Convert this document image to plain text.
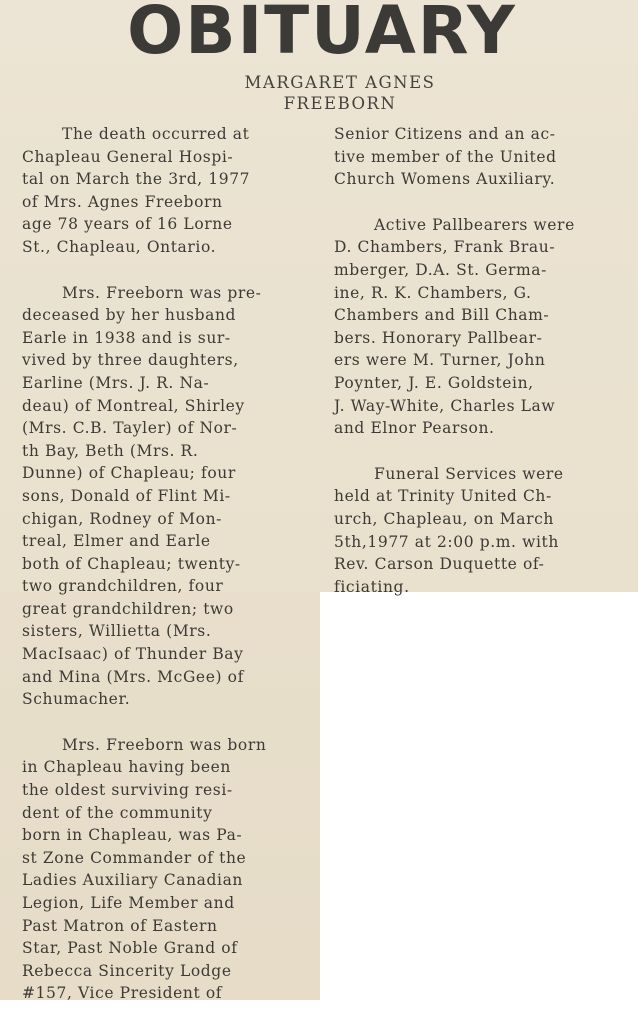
OBITUARY
MARGARET AGNES
FREEBORN

The death occurred at
Chapleau General Hospi-
tal on March the 3rd, 1977
of Mrs. Agnes Freeborn
age 78 years of 16 Lorne
St., Chapleau, Ontario.

Mrs. Freeborn was pre-
deceased by her husband
Earle in 1938 and is sur-
vived by three daughters,
Earline (Mrs. J. R. Na-
deau) of Montreal, Shirley
(Mrs. C.B. Tayler) of Nor-
th Bay, Beth (Mrs. R.
Dunne) of Chapleau; four
sons, Donald of Flint Mi-
chigan, Rodney of Mon-
treal, Elmer and Earle
both of Chapleau; twenty-
two grandchildren, four
great grandchildren; two
sisters, Willietta (Mrs.
MacIsaac) of Thunder Bay
and Mina (Mrs. McGee) of
Schumacher.

Mrs. Freeborn was born
in Chapleau having been
the oldest surviving resi-
dent of the community
born in Chapleau, was Pa-
st Zone Commander of the
Ladies Auxiliary Canadian
Legion, Life Member and
Past Matron of Eastern
Star, Past Noble Grand of
Rebecca Sincerity Lodge
#157, Vice President of

Senior Citizens and an ac-
tive member of the United
Church Womens Auxiliary.

Active Pallbearers were
D. Chambers, Frank Brau-
mberger, D.A. St. Germa-
ine, R. K. Chambers, G.
Chambers and Bill Cham-
bers. Honorary Pallbear-
ers were M. Turner, John
Poynter, J. E. Goldstein,
J. Way-White, Charles Law
and Elnor Pearson.

Funeral Services were
held at Trinity United Ch-
urch, Chapleau, on March
5th,1977 at 2:00 p.m. with
Rev. Carson Duquette of-
ficiating.
